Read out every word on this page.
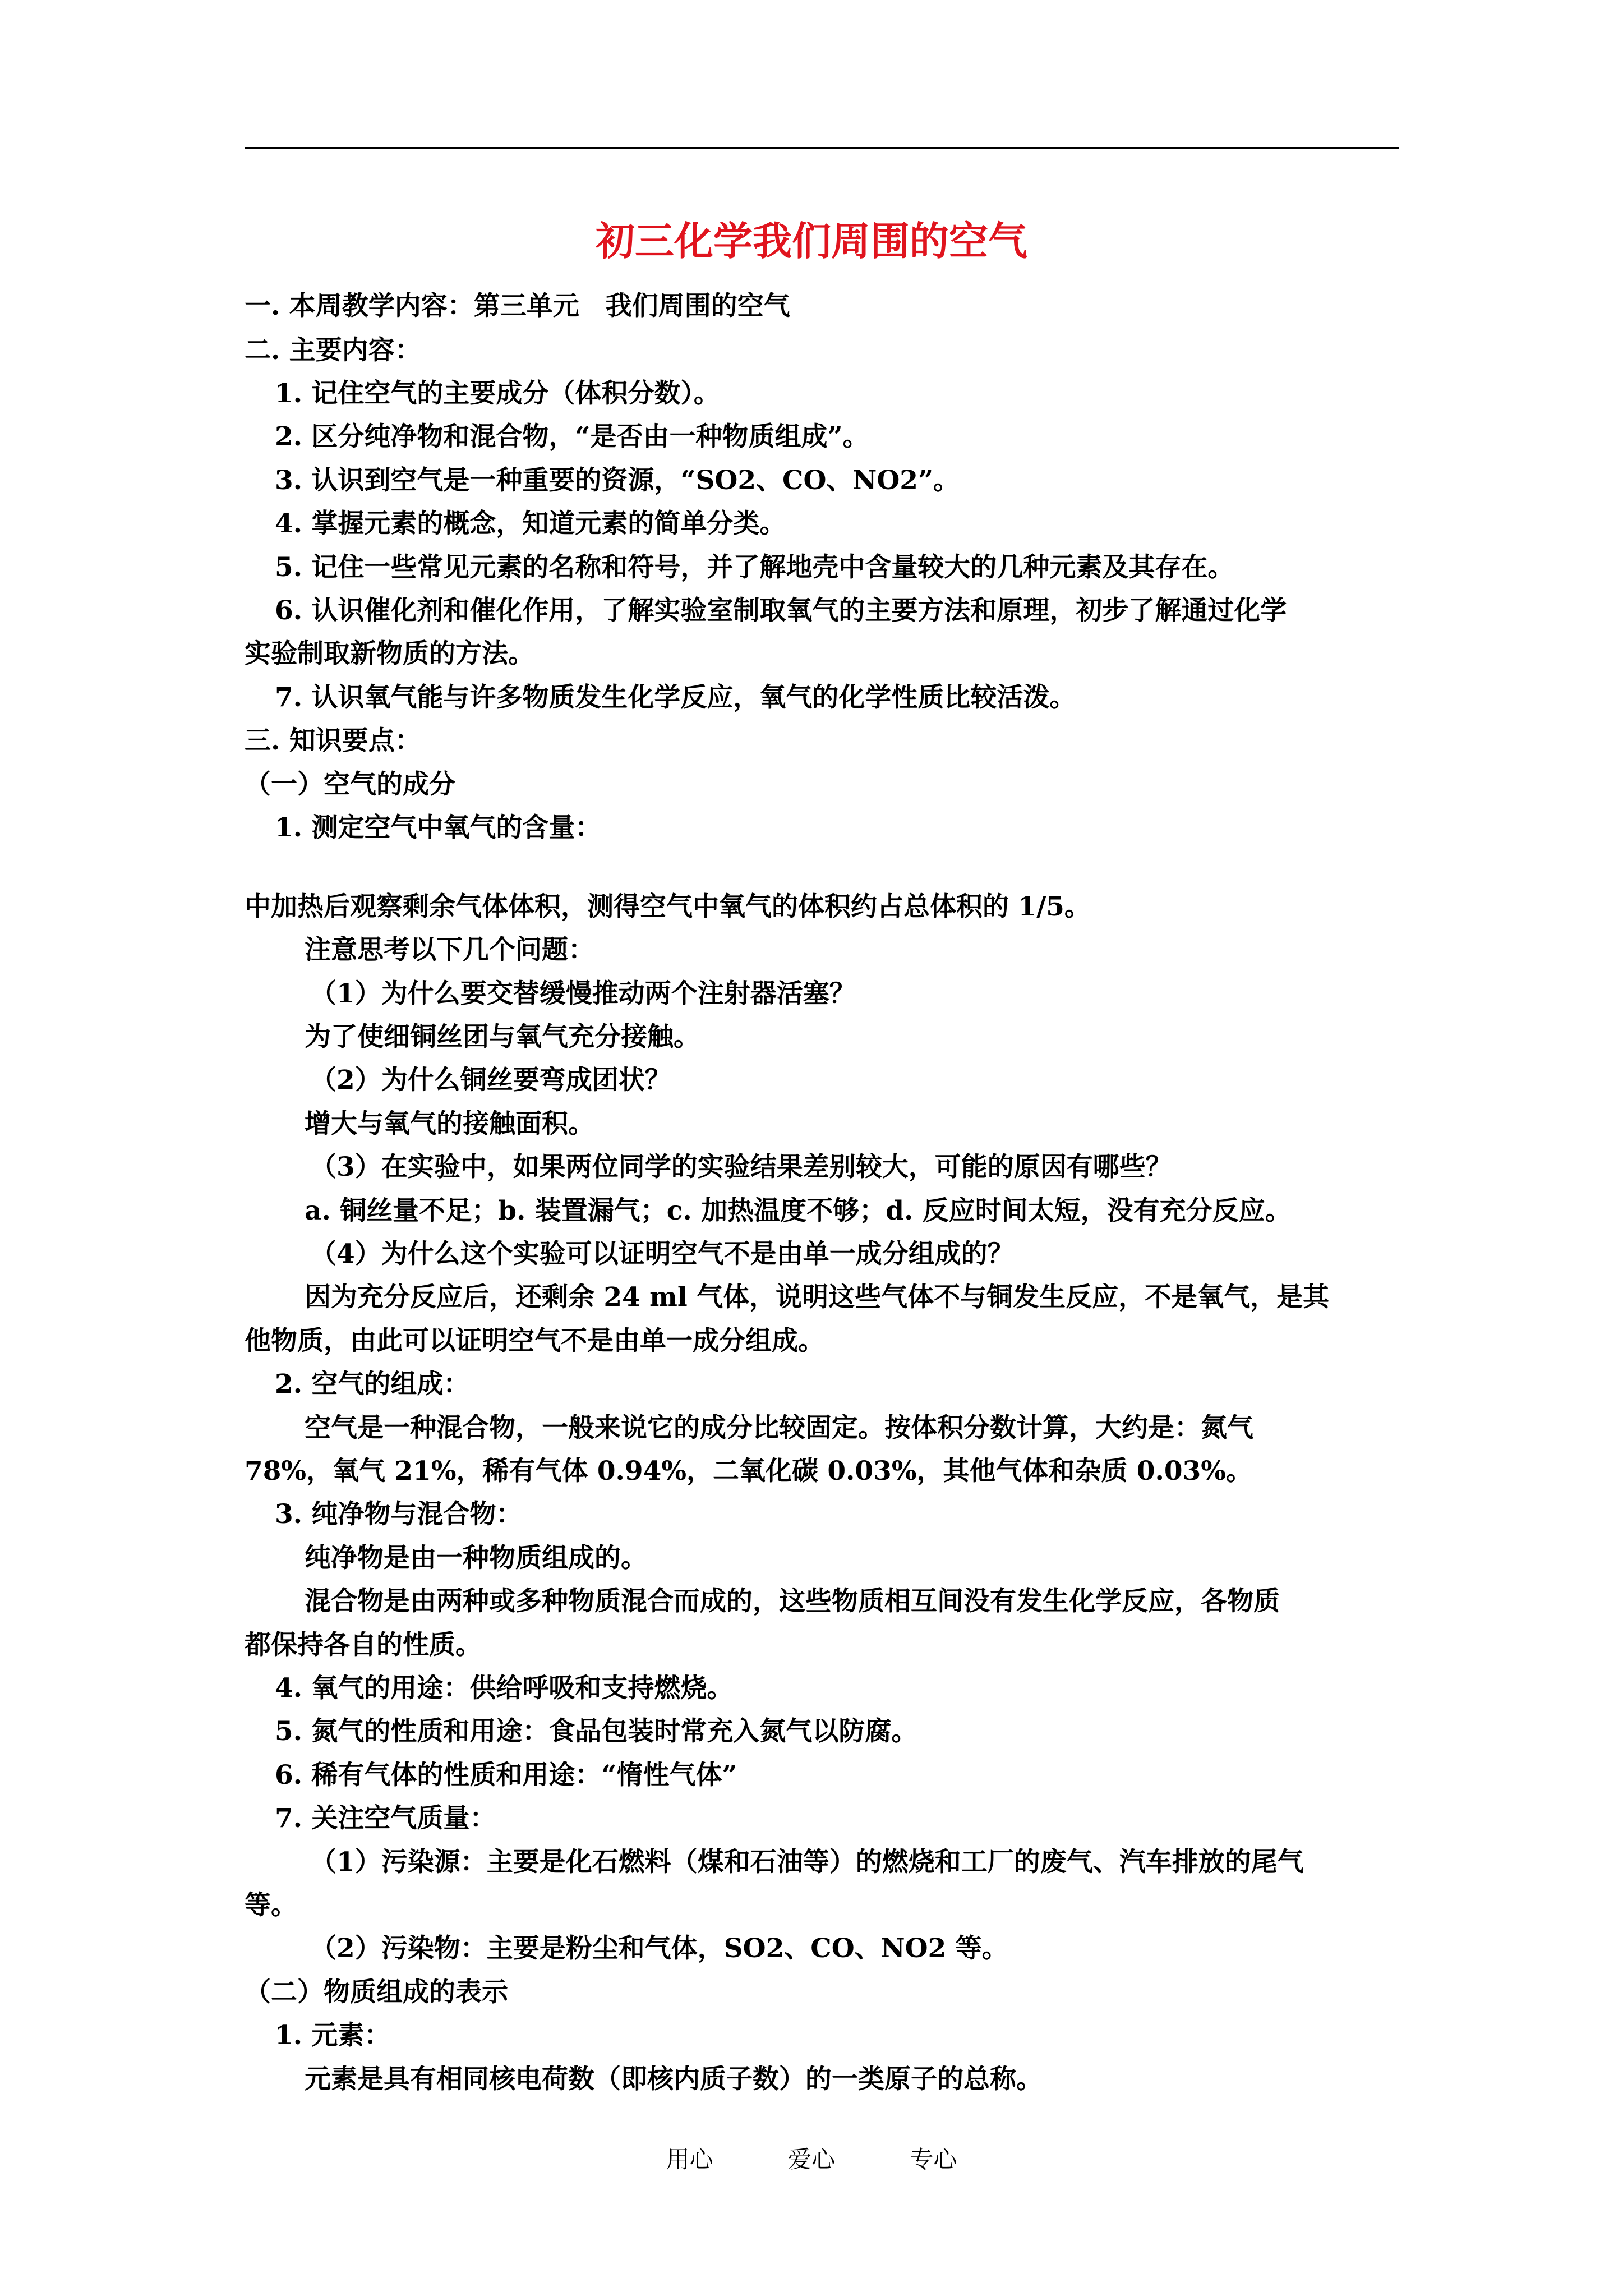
初三化学我们周围的空气
一. 本周教学内容：第三单元　我们周围的空气
二. 主要内容：
1. 记住空气的主要成分（体积分数）。
2. 区分纯净物和混合物，“是否由一种物质组成”。
3. 认识到空气是一种重要的资源，“SO2、CO、NO2”。
4. 掌握元素的概念，知道元素的简单分类。
5. 记住一些常见元素的名称和符号，并了解地壳中含量较大的几种元素及其存在。
6. 认识催化剂和催化作用，了解实验室制取氧气的主要方法和原理，初步了解通过化学
实验制取新物质的方法。
7. 认识氧气能与许多物质发生化学反应，氧气的化学性质比较活泼。
三. 知识要点：
（一）空气的成分
1. 测定空气中氧气的含量：
中加热后观察剩余气体体积，测得空气中氧气的体积约占总体积的 1/5。
注意思考以下几个问题：
（1）为什么要交替缓慢推动两个注射器活塞？
为了使细铜丝团与氧气充分接触。
（2）为什么铜丝要弯成团状？
增大与氧气的接触面积。
（3）在实验中，如果两位同学的实验结果差别较大，可能的原因有哪些？
a. 铜丝量不足；b. 装置漏气；c. 加热温度不够；d. 反应时间太短，没有充分反应。
（4）为什么这个实验可以证明空气不是由单一成分组成的？
因为充分反应后，还剩余 24 ml 气体，说明这些气体不与铜发生反应，不是氧气，是其
他物质，由此可以证明空气不是由单一成分组成。
2. 空气的组成：
空气是一种混合物，一般来说它的成分比较固定。按体积分数计算，大约是：氮气
78%，氧气 21%，稀有气体 0.94%，二氧化碳 0.03%，其他气体和杂质 0.03%。
3. 纯净物与混合物：
纯净物是由一种物质组成的。
混合物是由两种或多种物质混合而成的，这些物质相互间没有发生化学反应，各物质
都保持各自的性质。
4. 氧气的用途：供给呼吸和支持燃烧。
5. 氮气的性质和用途：食品包装时常充入氮气以防腐。
6. 稀有气体的性质和用途：“惰性气体”
7. 关注空气质量：
（1）污染源：主要是化石燃料（煤和石油等）的燃烧和工厂的废气、汽车排放的尾气
等。
（2）污染物：主要是粉尘和气体，SO2、CO、NO2 等。
（二）物质组成的表示
1. 元素：
元素是具有相同核电荷数（即核内质子数）的一类原子的总称。
用心	爱心	专心
